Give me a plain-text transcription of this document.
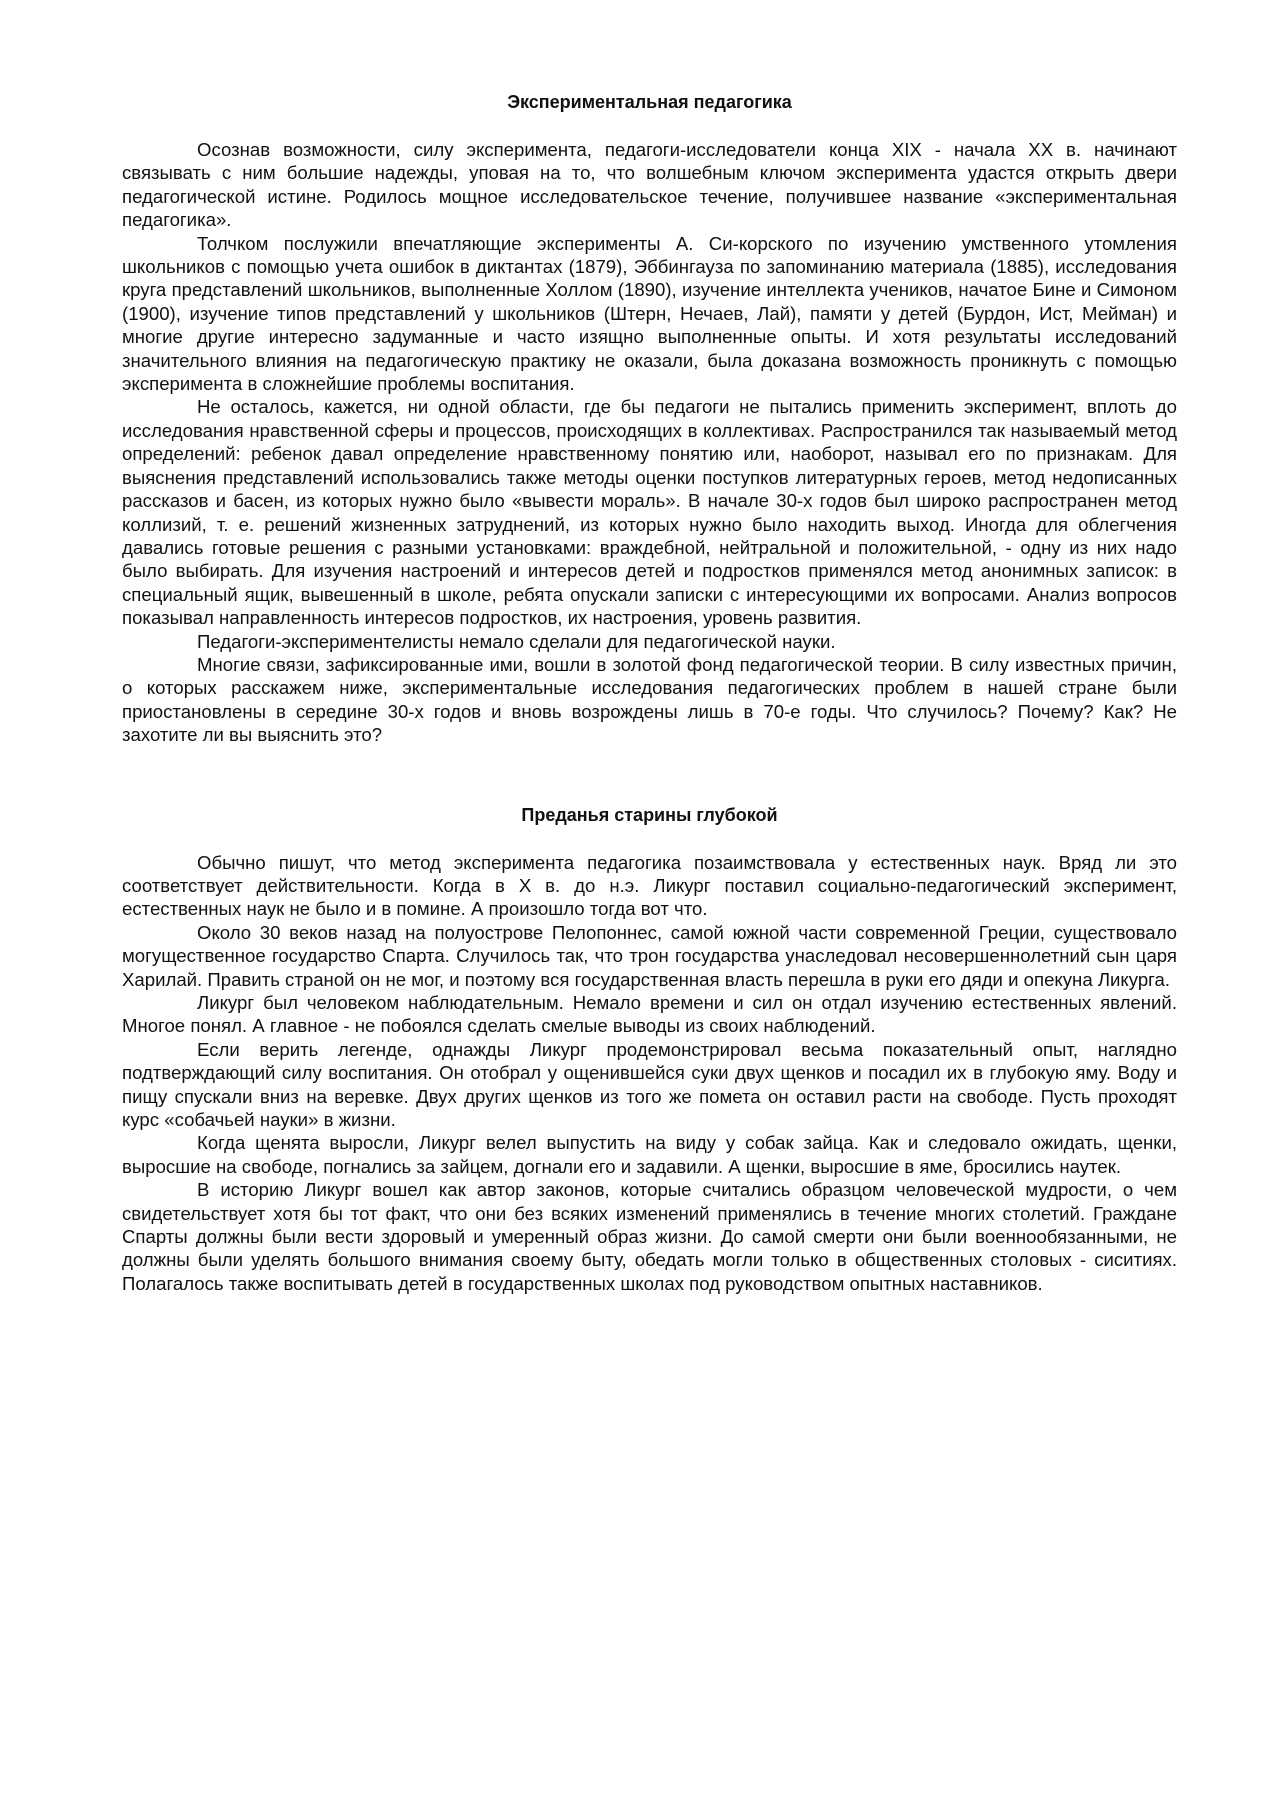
Экспериментальная педагогика

Осознав возможности, силу эксперимента, педагоги-исследователи конца XIX - начала XX в. начинают связывать с ним большие надежды, уповая на то, что волшебным ключом эксперимента удастся открыть двери педагогической истине. Родилось мощное исследовательское течение, получившее название «экспериментальная педагогика».

Толчком послужили впечатляющие эксперименты А. Си-корского по изучению умственного утомления школьников с помощью учета ошибок в диктантах (1879), Эббингауза по запоминанию материала (1885), исследования круга представлений школьников, выполненные Холлом (1890), изучение интеллекта учеников, начатое Бине и Симоном (1900), изучение типов представлений у школьников (Штерн, Нечаев, Лай), памяти у детей (Бурдон, Ист, Мейман) и многие другие интересно задуманные и часто изящно выполненные опыты. И хотя результаты исследований значительного влияния на педагогическую практику не оказали, была доказана возможность проникнуть с помощью эксперимента в сложнейшие проблемы воспитания.

Не осталось, кажется, ни одной области, где бы педагоги не пытались применить эксперимент, вплоть до исследования нравственной сферы и процессов, происходящих в коллективах. Распространился так называемый метод определений: ребенок давал определение нравственному понятию или, наоборот, называл его по признакам. Для выяснения представлений использовались также методы оценки поступков литературных героев, метод недописанных рассказов и басен, из которых нужно было «вывести мораль». В начале 30-х годов был широко распространен метод коллизий, т. е. решений жизненных затруднений, из которых нужно было находить выход. Иногда для облегчения давались готовые решения с разными установками: враждебной, нейтральной и положительной, - одну из них надо было выбирать. Для изучения настроений и интересов детей и подростков применялся метод анонимных записок: в специальный ящик, вывешенный в школе, ребята опускали записки с интересующими их вопросами. Анализ вопросов показывал направленность интересов подростков, их настроения, уровень развития.

Педагоги-экспериментелисты немало сделали для педагогической науки.

Многие связи, зафиксированные ими, вошли в золотой фонд педагогической теории. В силу известных причин, о которых расскажем ниже, экспериментальные исследования педагогических проблем в нашей стране были приостановлены в середине 30-х годов и вновь возрождены лишь в 70-е годы. Что случилось? Почему? Как? Не захотите ли вы выяснить это?

Преданья старины глубокой

Обычно пишут, что метод эксперимента педагогика позаимствовала у естественных наук. Вряд ли это соответствует действительности. Когда в X в. до н.э. Ликург поставил социально-педагогический эксперимент, естественных наук не было и в помине. А произошло тогда вот что.

Около 30 веков назад на полуострове Пелопоннес, самой южной части современной Греции, существовало могущественное государство Спарта. Случилось так, что трон государства унаследовал несовершеннолетний сын царя Харилай. Править страной он не мог, и поэтому вся государственная власть перешла в руки его дяди и опекуна Ликурга.

Ликург был человеком наблюдательным. Немало времени и сил он отдал изучению естественных явлений. Многое понял. А главное - не побоялся сделать смелые выводы из своих наблюдений.

Если верить легенде, однажды Ликург продемонстрировал весьма показательный опыт, наглядно подтверждающий силу воспитания. Он отобрал у ощенившейся суки двух щенков и посадил их в глубокую яму. Воду и пищу спускали вниз на веревке. Двух других щенков из того же помета он оставил расти на свободе. Пусть проходят курс «собачьей науки» в жизни.

Когда щенята выросли, Ликург велел выпустить на виду у собак зайца. Как и следовало ожидать, щенки, выросшие на свободе, погнались за зайцем, догнали его и задавили. А щенки, выросшие в яме, бросились наутек.

В историю Ликург вошел как автор законов, которые считались образцом человеческой мудрости, о чем свидетельствует хотя бы тот факт, что они без всяких изменений применялись в течение многих столетий. Граждане Спарты должны были вести здоровый и умеренный образ жизни. До самой смерти они были военнообязанными, не должны были уделять большого внимания своему быту, обедать могли только в общественных столовых - сиситиях. Полагалось также воспитывать детей в государственных школах под руководством опытных наставников.
